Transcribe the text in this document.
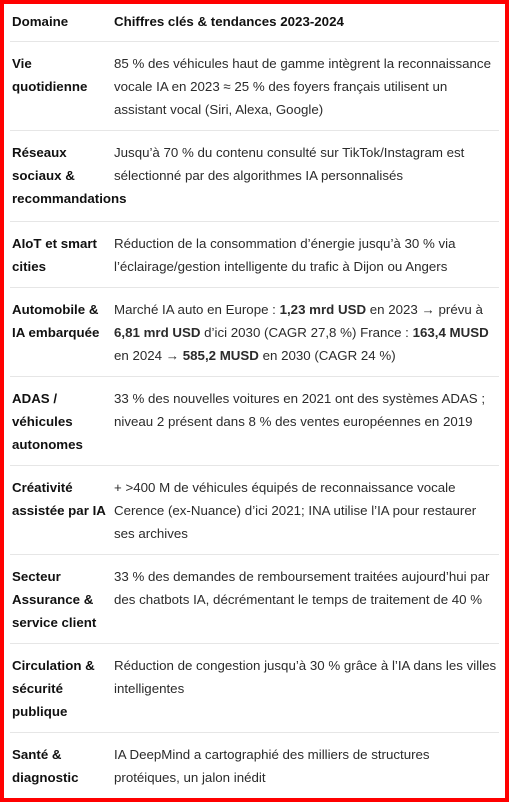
Domaine	Chiffres clés & tendances 2023‑2024
Vie quotidienne	85 % des véhicules haut de gamme intègrent la reconnaissance vocale IA en 2023 ≈ 25 % des foyers français utilisent un assistant vocal (Siri, Alexa, Google)
Réseaux sociaux & recommandations	Jusqu’à 70 % du contenu consulté sur TikTok/Instagram est sélectionné par des algorithmes IA personnalisés
AIoT et smart cities	Réduction de la consommation d’énergie jusqu’à 30 % via l’éclairage/gestion intelligente du trafic à Dijon ou Angers
Automobile & IA embarquée	Marché IA auto en Europe : 1,23 mrd USD en 2023 → prévu à 6,81 mrd USD d’ici 2030 (CAGR 27,8 %) France : 163,4 MUSD en 2024 → 585,2 MUSD en 2030 (CAGR 24 %)
ADAS / véhicules autonomes	33 % des nouvelles voitures en 2021 ont des systèmes ADAS ; niveau 2 présent dans 8 % des ventes européennes en 2019
Créativité assistée par IA	+ >400 M de véhicules équipés de reconnaissance vocale Cerence (ex‑Nuance) d’ici 2021; INA utilise l’IA pour restaurer ses archives
Secteur Assurance & service client	33 % des demandes de remboursement traitées aujourd’hui par des chatbots IA, décrémentant le temps de traitement de 40 %
Circulation & sécurité publique	Réduction de congestion jusqu’à 30 % grâce à l’IA dans les villes intelligentes
Santé & diagnostic	IA DeepMind a cartographié des milliers de structures protéiques, un jalon inédit
